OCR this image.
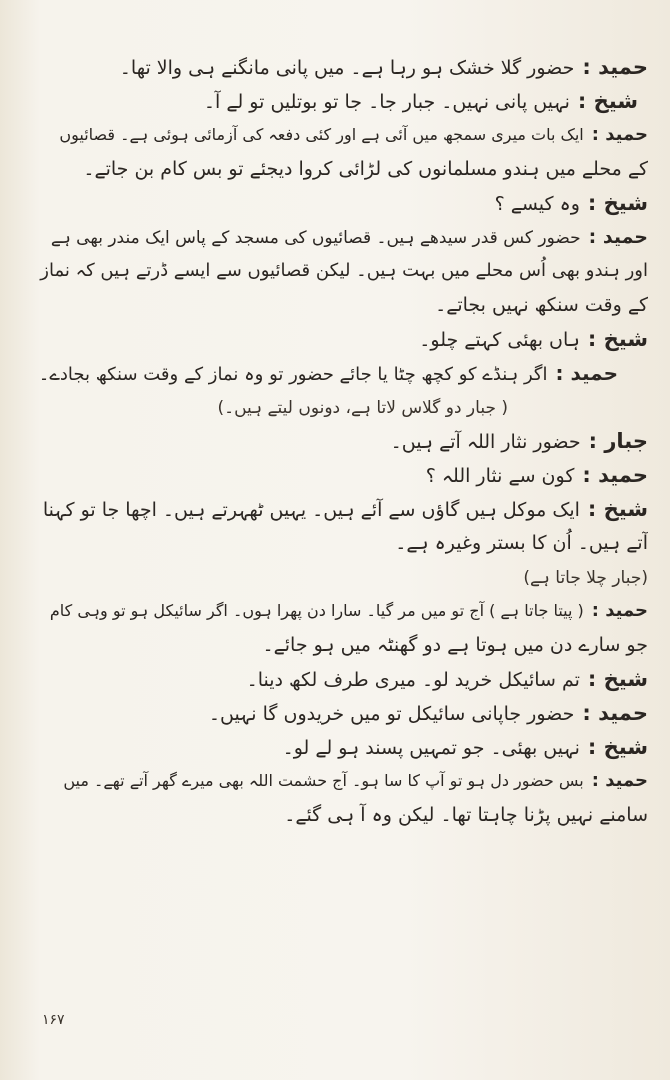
حمید :حضور گلا خشک ہو رہا ہے۔ میں پانی مانگنے ہی والا تھا۔
شیخ :نہیں پانی نہیں۔ جبار جا۔ جا تو بوتلیں تو لے آ۔
حمید :ایک بات میری سمجھ میں آئی ہے اور کئی دفعہ کی آزمائی ہوئی ہے۔ قصائیوں
کے محلے میں ہندو مسلمانوں کی لڑائی کروا دیجئے تو بس کام بن جاتے۔
شیخ :وہ کیسے ؟
حمید :حضور کس قدر سیدھے ہیں۔ قصائیوں کی مسجد کے پاس ایک مندر بھی ہے
اور ہندو بھی اُس محلے میں بہت ہیں۔ لیکن قصائیوں سے ایسے ڈرتے ہیں کہ نماز
کے وقت سنکھ نہیں بجاتے۔
شیخ :ہاں بھئی کہتے چلو۔
حمید :اگر ہنڈے کو کچھ چٹا یا جائے حضور تو وہ نماز کے وقت سنکھ بجادے۔
( جبار دو گلاس لاتا ہے، دونوں لیتے ہیں۔)
جبار :حضور نثار اللہ آتے ہیں۔
حمید :کون سے نثار اللہ ؟
شیخ :ایک موکل ہیں گاؤں سے آئے ہیں۔ یہیں ٹھہرتے ہیں۔ اچھا جا تو کہنا
آتے ہیں۔ اُن کا بستر وغیرہ ہے۔
(جبار چلا جاتا ہے)
حمید :( پیتا جاتا ہے ) آج تو میں مر گیا۔ سارا دن پھرا ہوں۔ اگر سائیکل ہو تو وہی کام
جو سارے دن میں ہوتا ہے دو گھنٹہ میں ہو جائے۔
شیخ :تم سائیکل خرید لو۔ میری طرف لکھ دینا۔
حمید :حضور جاپانی سائیکل تو میں خریدوں گا نہیں۔
شیخ :نہیں بھئی۔ جو تمہیں پسند ہو لے لو۔
حمید :بس حضور دل ہو تو آپ کا سا ہو۔ آج حشمت اللہ بھی میرے گھر آتے تھے۔ میں
سامنے نہیں پڑنا چاہتا تھا۔ لیکن وہ آ ہی گئے۔
۱۶۷
